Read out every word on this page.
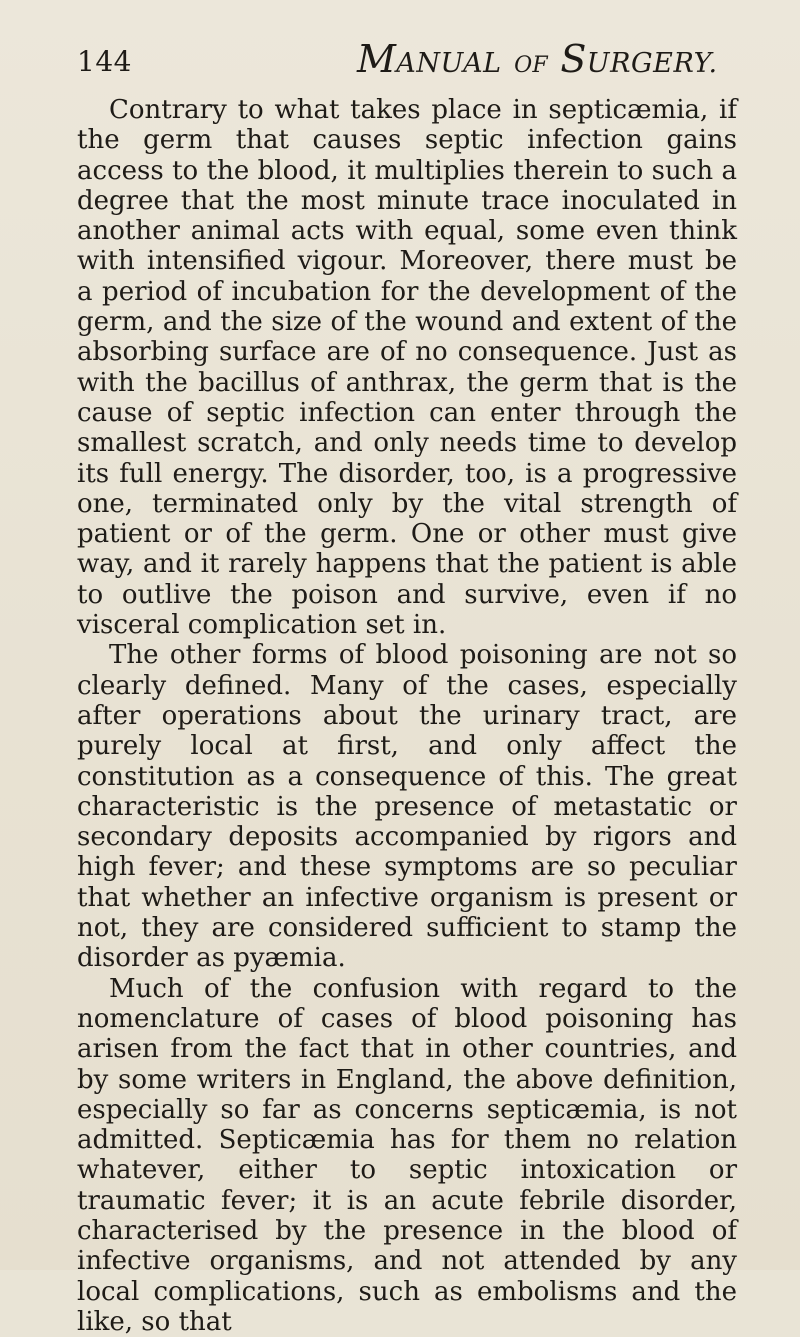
144	MANUAL OF SURGERY.

Contrary to what takes place in septicæmia, if the germ that causes septic infection gains access to the blood, it multiplies therein to such a degree that the most minute trace inoculated in another animal acts with equal, some even think with intensified vigour. Moreover, there must be a period of incubation for the development of the germ, and the size of the wound and extent of the absorbing surface are of no consequence. Just as with the bacillus of anthrax, the germ that is the cause of septic infection can enter through the smallest scratch, and only needs time to develop its full energy. The disorder, too, is a progressive one, terminated only by the vital strength of patient or of the germ. One or other must give way, and it rarely happens that the patient is able to outlive the poison and survive, even if no visceral complication set in.

The other forms of blood poisoning are not so clearly defined. Many of the cases, especially after operations about the urinary tract, are purely local at first, and only affect the constitution as a consequence of this. The great characteristic is the presence of metastatic or secondary deposits accompanied by rigors and high fever; and these symptoms are so peculiar that whether an infective organism is present or not, they are considered sufficient to stamp the disorder as pyæmia.

Much of the confusion with regard to the nomenclature of cases of blood poisoning has arisen from the fact that in other countries, and by some writers in England, the above definition, especially so far as concerns septicæmia, is not admitted. Septicæmia has for them no relation whatever, either to septic intoxication or traumatic fever; it is an acute febrile disorder, characterised by the presence in the blood of infective organisms, and not attended by any local complications, such as embolisms and the like, so that
